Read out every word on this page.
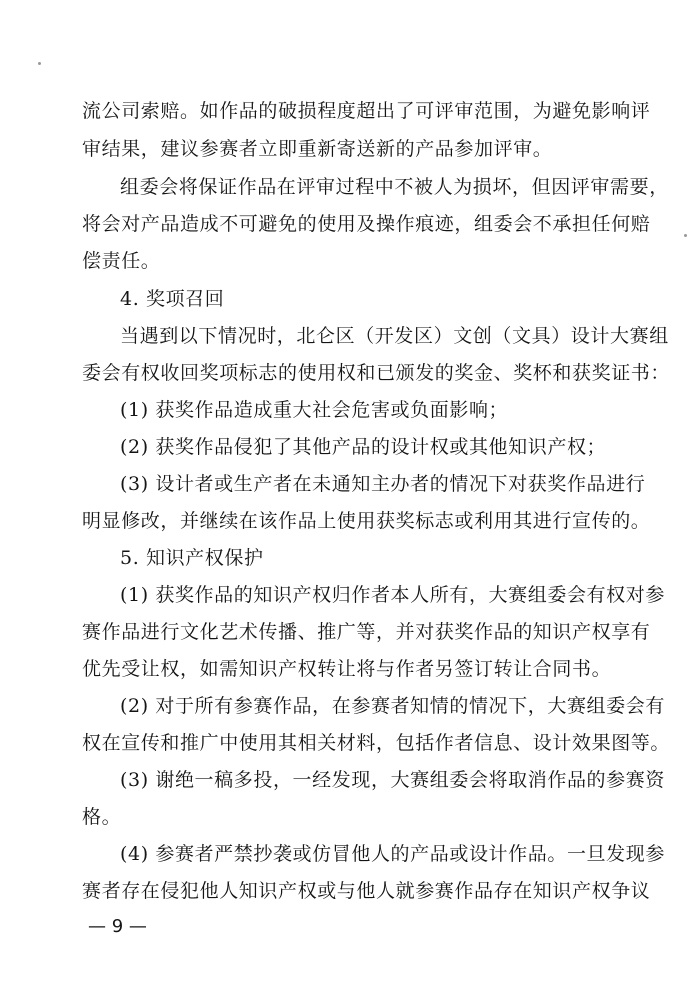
流公司索赔。如作品的破损程度超出了可评审范围，为避免影响评
审结果，建议参赛者立即重新寄送新的产品参加评审。
组委会将保证作品在评审过程中不被人为损坏，但因评审需要，
将会对产品造成不可避免的使用及操作痕迹，组委会不承担任何赔
偿责任。
4. 奖项召回
当遇到以下情况时，北仑区（开发区）文创（文具）设计大赛组
委会有权收回奖项标志的使用权和已颁发的奖金、奖杯和获奖证书：
(1) 获奖作品造成重大社会危害或负面影响；
(2) 获奖作品侵犯了其他产品的设计权或其他知识产权；
(3) 设计者或生产者在未通知主办者的情况下对获奖作品进行
明显修改，并继续在该作品上使用获奖标志或利用其进行宣传的。
5. 知识产权保护
(1) 获奖作品的知识产权归作者本人所有，大赛组委会有权对参
赛作品进行文化艺术传播、推广等，并对获奖作品的知识产权享有
优先受让权，如需知识产权转让将与作者另签订转让合同书。
(2) 对于所有参赛作品，在参赛者知情的情况下，大赛组委会有
权在宣传和推广中使用其相关材料，包括作者信息、设计效果图等。
(3) 谢绝一稿多投，一经发现，大赛组委会将取消作品的参赛资
格。
(4) 参赛者严禁抄袭或仿冒他人的产品或设计作品。一旦发现参
赛者存在侵犯他人知识产权或与他人就参赛作品存在知识产权争议
— 9 —
